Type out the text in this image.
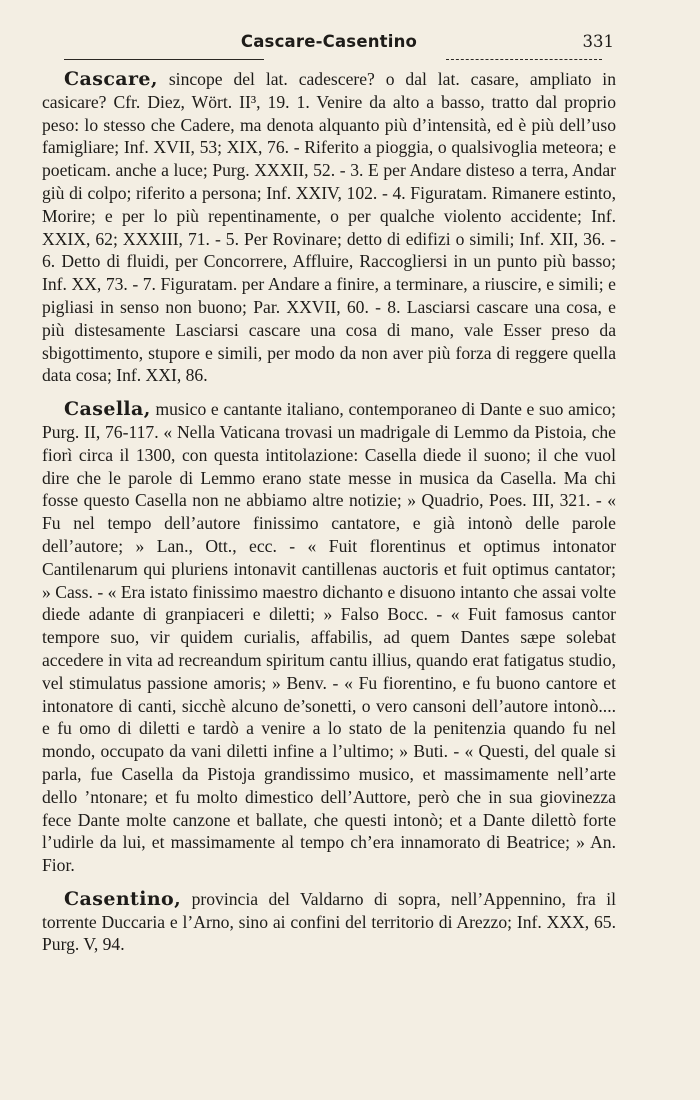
Cascare-Casentino	331

Cascare, sincope del lat. cadescere? o dal lat. casare, ampliato in casicare? Cfr. Diez, Wört. II³, 19. 1. Venire da alto a basso, tratto dal proprio peso: lo stesso che Cadere, ma denota alquanto più d’intensità, ed è più dell’uso famigliare; Inf. XVII, 53; XIX, 76. - Riferito a pioggia, o qualsivoglia meteora; e poeticam. anche a luce; Purg. XXXII, 52. - 3. E per Andare disteso a terra, Andar giù di colpo; riferito a persona; Inf. XXIV, 102. - 4. Figuratam. Rimanere estinto, Morire; e per lo più repentinamente, o per qualche violento accidente; Inf. XXIX, 62; XXXIII, 71. - 5. Per Rovinare; detto di edifizi o simili; Inf. XII, 36. - 6. Detto di fluidi, per Concorrere, Affluire, Raccogliersi in un punto più basso; Inf. XX, 73. - 7. Figuratam. per Andare a finire, a terminare, a riuscire, e simili; e pigliasi in senso non buono; Par. XXVII, 60. - 8. Lasciarsi cascare una cosa, e più distesamente Lasciarsi cascare una cosa di mano, vale Esser preso da sbigottimento, stupore e simili, per modo da non aver più forza di reggere quella data cosa; Inf. XXI, 86.

Casella, musico e cantante italiano, contemporaneo di Dante e suo amico; Purg. II, 76-117. « Nella Vaticana trovasi un madrigale di Lemmo da Pistoia, che fiorì circa il 1300, con questa intitolazione: Casella diede il suono; il che vuol dire che le parole di Lemmo erano state messe in musica da Casella. Ma chi fosse questo Casella non ne abbiamo altre notizie; » Quadrio, Poes. III, 321. - « Fu nel tempo dell’autore finissimo cantatore, e già intonò delle parole dell’autore; » Lan., Ott., ecc. - « Fuit florentinus et optimus intonator Cantilenarum qui pluriens intonavit cantillenas auctoris et fuit optimus cantator; » Cass. - « Era istato finissimo maestro dichanto e disuono intanto che assai volte diede adante di granpiaceri e diletti; » Falso Bocc. - « Fuit famosus cantor tempore suo, vir quidem curialis, affabilis, ad quem Dantes sæpe solebat accedere in vita ad recreandum spiritum cantu illius, quando erat fatigatus studio, vel stimulatus passione amoris; » Benv. - « Fu fiorentino, e fu buono cantore et intonatore di canti, sicchè alcuno de’sonetti, o vero cansoni dell’autore intonò.... e fu omo di diletti e tardò a venire a lo stato de la penitenzia quando fu nel mondo, occupato da vani diletti infine a l’ultimo; » Buti. - « Questi, del quale si parla, fue Casella da Pistoja grandissimo musico, et massimamente nell’arte dello ’ntonare; et fu molto dimestico dell’Auttore, però che in sua giovinezza fece Dante molte canzone et ballate, che questi intonò; et a Dante dilettò forte l’udirle da lui, et massimamente al tempo ch’era innamorato di Beatrice; » An. Fior.

Casentino, provincia del Valdarno di sopra, nell’Appennino, fra il torrente Duccaria e l’Arno, sino ai confini del territorio di Arezzo; Inf. XXX, 65. Purg. V, 94.
